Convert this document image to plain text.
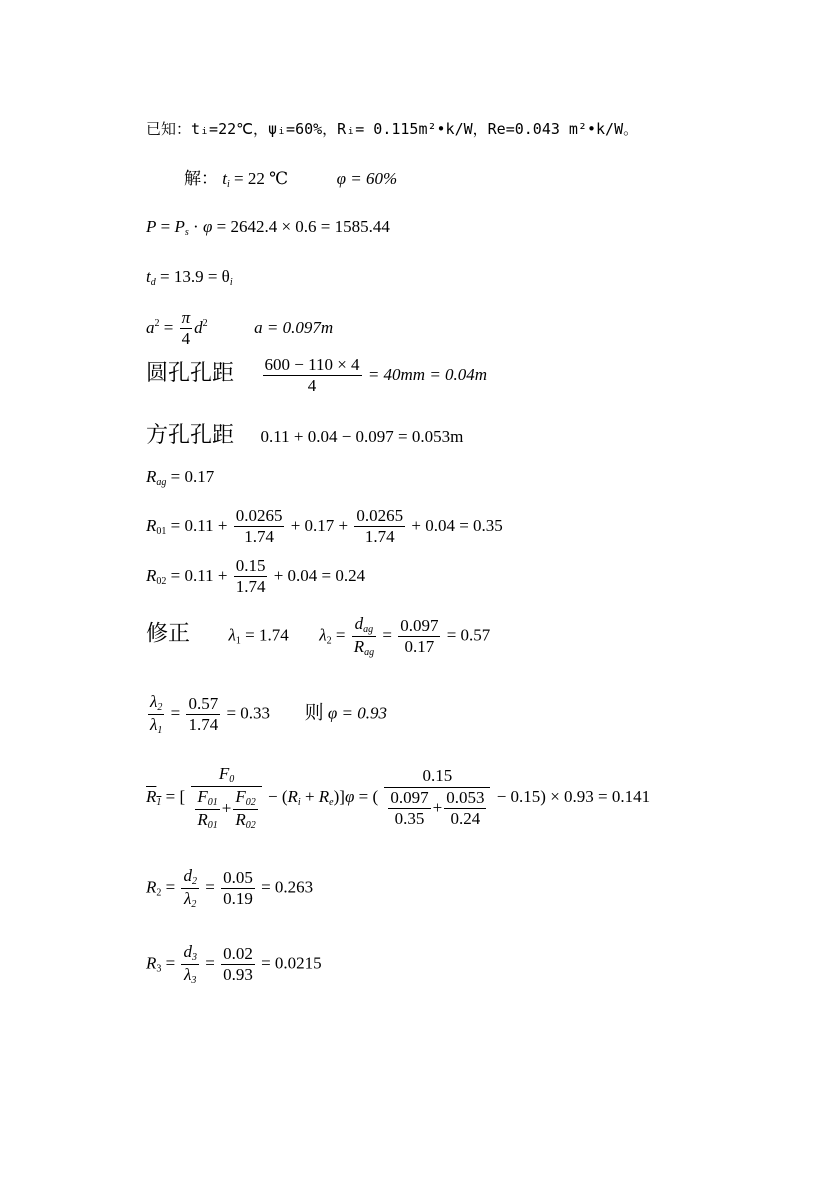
已知：tᵢ=22℃，ψᵢ=60%，Rᵢ= 0.115m²•k/W，Re=0.043 m²•k/W。
解： $t_i = 22$ ℃	φ = 60%
$P = P_s \cdot \varphi = 2642.4 \times 0.6 = 1585.44$
$t_d = 13.9 = \theta_i$
$a^2 = \frac{\pi}{4} d^2$	a = 0.097m
圆孔孔距 $\frac{600 - 110 \times 4}{4} = 40mm = 0.04m$
方孔孔距 0.11 + 0.04 − 0.097 = 0.053m
$R_{ag} = 0.17$
$R_{01} = 0.11 + \frac{0.0265}{1.74} + 0.17 + \frac{0.0265}{1.74} + 0.04 = 0.35$
$R_{02} = 0.11 + \frac{0.15}{1.74} + 0.04 = 0.24$
修正 $\lambda_1 = 1.74$ $\lambda_2 = \frac{d_{ag}}{R_{ag}} = \frac{0.097}{0.17} = 0.57$
$\frac{\lambda_2}{\lambda_1} = \frac{0.57}{1.74} = 0.33$ 则 φ = 0.93
$R_1$ = [ $\frac{F_0}{\frac{F_{01}}{R_{01}} + \frac{F_{02}}{R_{02}}} - (R_i + R_e)]\varphi$ = ( $\frac{0.15}{\frac{0.097}{0.35} + \frac{0.053}{0.24}} - 0.15) \times 0.93 = 0.141$
$R_2 = \frac{d_2}{\lambda_2} = \frac{0.05}{0.19} = 0.263$
$R_3 = \frac{d_3}{\lambda_3} = \frac{0.02}{0.93} = 0.0215$
